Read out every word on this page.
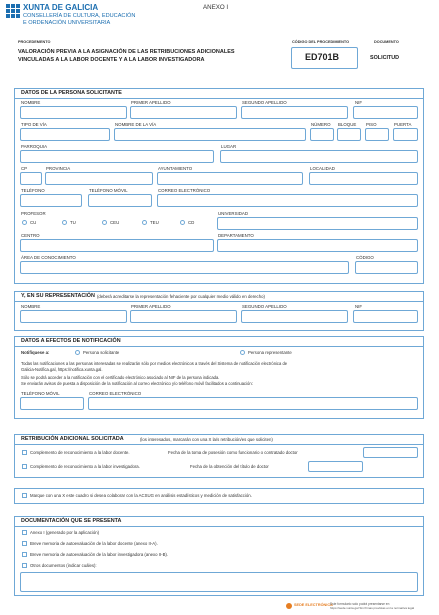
XUNTA DE GALICIA
CONSELLERÍA DE CULTURA, EDUCACIÓN
E ORDENACIÓN UNIVERSITARIA
ANEXO I
PROCEDEMENTO
VALORACIÓN PREVIA A LA ASIGNACIÓN DE LAS RETRIBUCIONES ADICIONALES
VINCULADAS A LA LABOR DOCENTE Y A LA LABOR INVESTIGADORA
CÓDIGO DEL PROCEDIMIENTO
ED701B
DOCUMENTO
SOLICITUD
DATOS DE LA PERSONA SOLICITANTE
NOMBRE	PRIMER APELLIDO	SEGUNDO APELLIDO	NIF
TIPO DE VÍA	NOMBRE DE LA VÍA	NÚMERO BLOQUE PISO	PUERTA
PARROQUIA	LUGAR
CP	PROVINCIA	AYUNTAMIENTO	LOCALIDAD
TELÉFONO	TELÉFONO MÓVIL	CORREO ELECTRÓNICO
PROFESOR
CU	TU	CEU	TEU	CD
UNIVERSIDAD
CENTRO	DEPARTAMENTO
ÁREA DE CONOCIMIENTO	CÓDIGO
Y, EN SU REPRESENTACIÓN (deberá acreditarse la representación fehaciente por cualquier medio válido en derecho)
NOMBRE	PRIMER APELLIDO	SEGUNDO APELLIDO	NIF
DATOS A EFECTOS DE NOTIFICACIÓN
Notifíquese a:	Persona solicitante	Persona representante
Todas las notificaciones a las personas interesadas se realizarán sólo por medios electrónicos a través del Sistema de notificación electrónica de
Galicia-Notifica.gal, https://notifica.xunta.gal.
Sólo se podrá acceder a la notificación con el certificado electrónico asociado al NIF de la persona indicada.
Se enviarán avisos de puesta a disposición de la notificación al correo electrónico y/o teléfono móvil facilitados a continuación:
TELÉFONO MÓVIL	CORREO ELECTRÓNICO
RETRIBUCIÓN ADICIONAL SOLICITADA	(los interesados, marcarán con una X la/s retribución/es que soliciten)
Complemento de reconocimiento a la labor docente.	Fecha de la toma de posesión como funcionario o contratado doctor
Complemento de reconocimiento a la labor investigadora.	Fecha de la obtención del título de doctor
Marque con una X este cuadro si desea colaborar con la ACSUG en análisis estadísticos y medición de satisfacción.
DOCUMENTACIÓN QUE SE PRESENTA
Anexo I (generado por la aplicación)
Breve memoria de autoevaluación de la labor docente (anexo II-A).
Breve memoria de autoevaluación de la labor investigadora (anexo II-B).
Otros documentos (indicar cuáles):
SEDE ELECTRÓNICA
Este formulario solo podrá presentarse en
https://sede.xunta.gal Sin firmas previstas en la normativa legal
